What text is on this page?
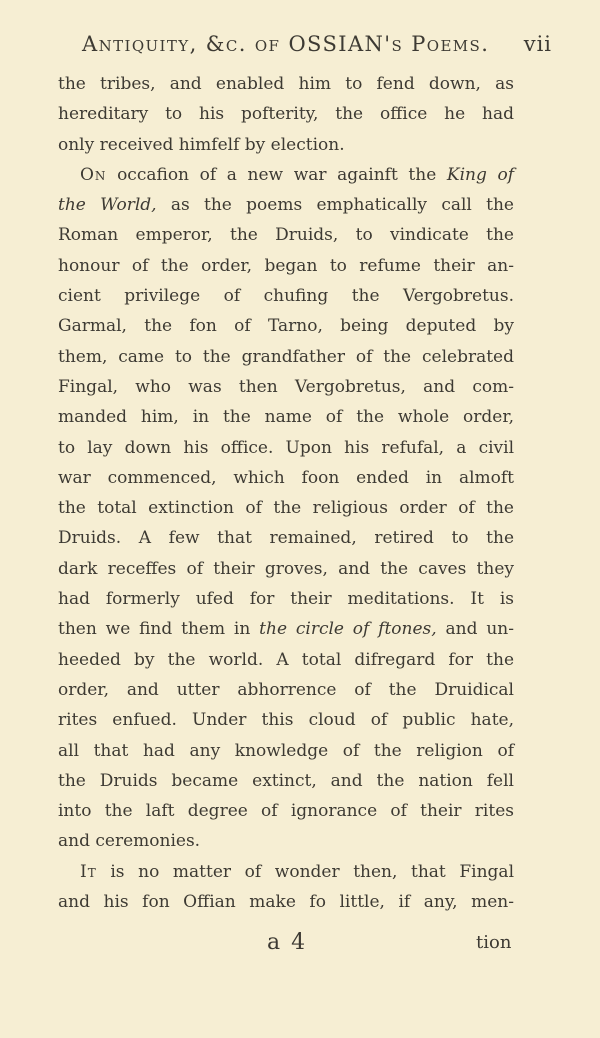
Antiquity, &c. of OSSIAN's Poems. vii
the tribes, and enabled him to fend down, as
hereditary to his pofterity, the office he had
only received himfelf by election.
On occafion of a new war againft the King of
the World, as the poems emphatically call the
Roman emperor, the Druids, to vindicate the
honour of the order, began to refume their an-
cient privilege of chufing the Vergobretus.
Garmal, the fon of Tarno, being deputed by
them, came to the grandfather of the celebrated
Fingal, who was then Vergobretus, and com-
manded him, in the name of the whole order,
to lay down his office. Upon his refufal, a civil
war commenced, which foon ended in almoft
the total extinction of the religious order of the
Druids. A few that remained, retired to the
dark receffes of their groves, and the caves they
had formerly ufed for their meditations. It is
then we find them in the circle of ftones, and un-
heeded by the world. A total difregard for the
order, and utter abhorrence of the Druidical
rites enfued. Under this cloud of public hate,
all that had any knowledge of the religion of
the Druids became extinct, and the nation fell
into the laft degree of ignorance of their rites
and ceremonies.
It is no matter of wonder then, that Fingal
and his fon Offian make fo little, if any, men-
a 4	tion
